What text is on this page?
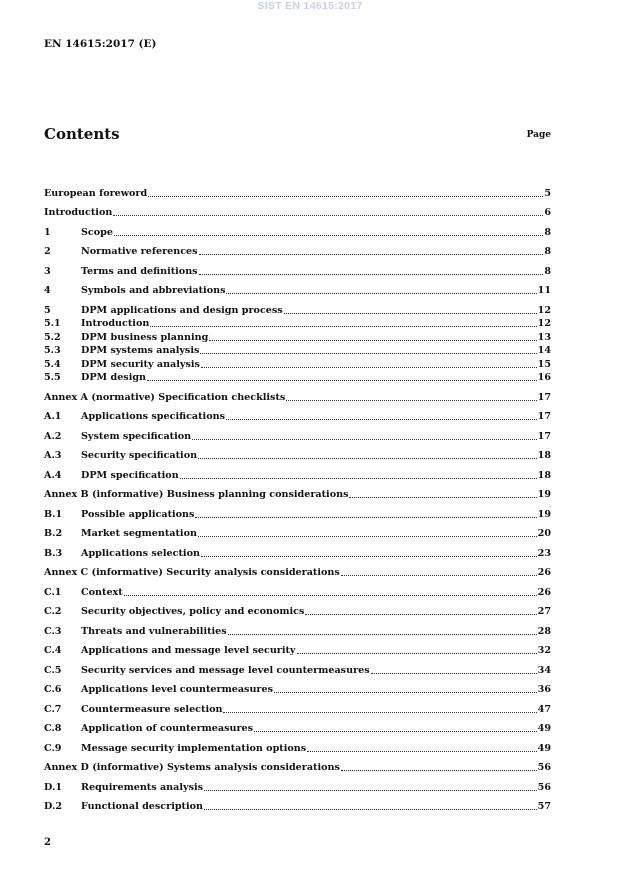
SIST EN 14615:2017
EN 14615:2017 (E)
Contents	Page
European foreword	5
Introduction	6
1	Scope	8
2	Normative references	8
3	Terms and definitions	8
4	Symbols and abbreviations	11
5	DPM applications and design process	12
5.1	Introduction	12
5.2	DPM business planning	13
5.3	DPM systems analysis	14
5.4	DPM security analysis	15
5.5	DPM design	16
Annex A (normative) Specification checklists	17
A.1	Applications specifications	17
A.2	System specification	17
A.3	Security specification	18
A.4	DPM specification	18
Annex B (informative) Business planning considerations	19
B.1	Possible applications	19
B.2	Market segmentation	20
B.3	Applications selection	23
Annex C (informative) Security analysis considerations	26
C.1	Context	26
C.2	Security objectives, policy and economics	27
C.3	Threats and vulnerabilities	28
C.4	Applications and message level security	32
C.5	Security services and message level countermeasures	34
C.6	Applications level countermeasures	36
C.7	Countermeasure selection	47
C.8	Application of countermeasures	49
C.9	Message security implementation options	49
Annex D (informative) Systems analysis considerations	56
D.1	Requirements analysis	56
D.2	Functional description	57
2
